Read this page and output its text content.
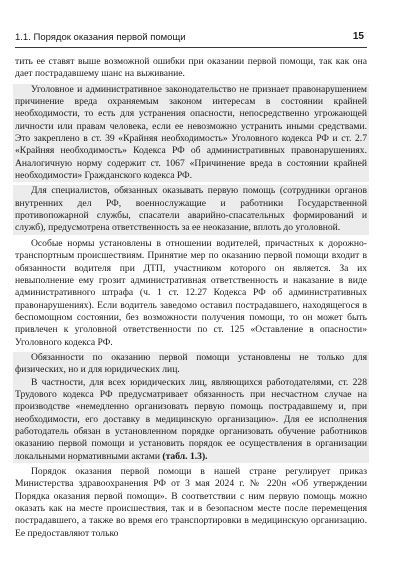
1.1. Порядок оказания первой помощи	15

тить ее ставят выше возможной ошибки при оказании первой помощи, так как она дает пострадавшему шанс на выживание.

Уголовное и административное законодательство не признает правонарушением причинение вреда охраняемым законом интересам в состоянии крайней необходимости, то есть для устранения опасности, непосредственно угрожающей личности или правам человека, если ее невозможно устранить иными средствами. Это закреплено в ст. 39 «Крайняя необходимость» Уголовного кодекса РФ и ст. 2.7 «Крайняя необходимость» Кодекса РФ об административных правонарушениях. Аналогичную норму содержит ст. 1067 «Причинение вреда в состоянии крайней необходимости» Гражданского кодекса РФ.

Для специалистов, обязанных оказывать первую помощь (сотрудники органов внутренних дел РФ, военнослужащие и работники Государственной противопожарной службы, спасатели аварийно-спасательных формирований и служб), предусмотрена ответственность за ее неоказание, вплоть до уголовной.

Особые нормы установлены в отношении водителей, причастных к дорожно-транспортным происшествиям. Принятие мер по оказанию первой помощи входит в обязанности водителя при ДТП, участником которого он является. За их невыполнение ему грозит административная ответственность и наказание в виде административного штрафа (ч. 1 ст. 12.27 Кодекса РФ об административных правонарушениях). Если водитель заведомо оставил пострадавшего, находящегося в беспомощном состоянии, без возможности получения помощи, то он может быть привлечен к уголовной ответственности по ст. 125 «Оставление в опасности» Уголовного кодекса РФ.

Обязанности по оказанию первой помощи установлены не только для физических, но и для юридических лиц.

В частности, для всех юридических лиц, являющихся работодателями, ст. 228 Трудового кодекса РФ предусматривает обязанность при несчастном случае на производстве «немедленно организовать первую помощь пострадавшему и, при необходимости, его доставку в медицинскую организацию». Для ее исполнения работодатель обязан в установленном порядке организовать обучение работников оказанию первой помощи и установить порядок ее осуществления в организации локальными нормативными актами (табл. 1.3).

Порядок оказания первой помощи в нашей стране регулирует приказ Министерства здравоохранения РФ от 3 мая 2024 г. № 220н «Об утверждении Порядка оказания первой помощи». В соответствии с ним первую помощь можно оказать как на месте происшествия, так и в безопасном месте после перемещения пострадавшего, а также во время его транспортировки в медицинскую организацию. Ее предоставляют только
